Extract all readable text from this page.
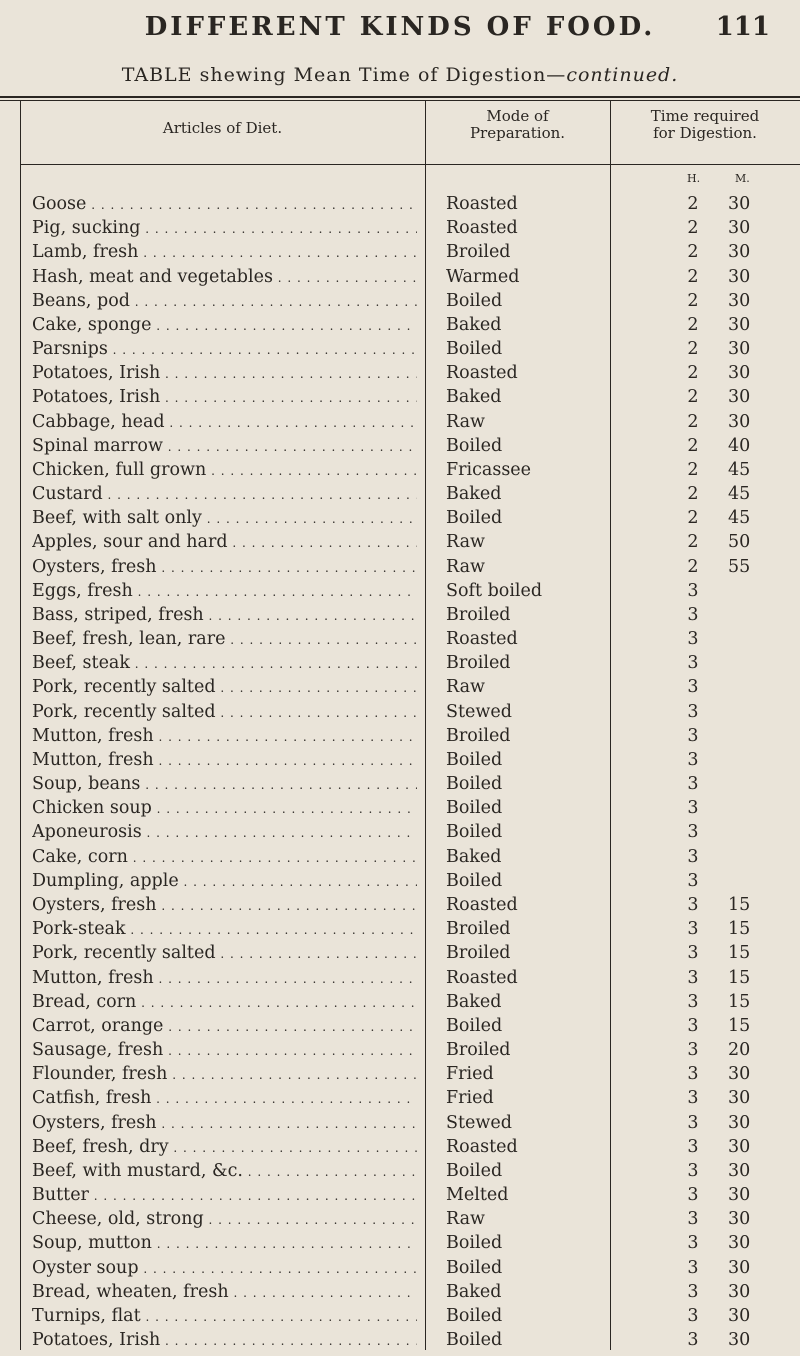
DIFFERENT KINDS OF FOOD.	111
TABLE shewing Mean Time of Digestion—continued.
Articles of Diet.
Mode of
Preparation.
Time required
for Digestion.
H.	M.
Goose . . .	Roasted	2 30
Pig, sucking . . .	Roasted	2 30
Lamb, fresh . . .	Broiled	2 30
Hash, meat and vegetables . . .	Warmed	2 30
Beans, pod . . .	Boiled	2 30
Cake, sponge . . .	Baked	2 30
Parsnips . . .	Boiled	2 30
Potatoes, Irish . . .	Roasted	2 30
Potatoes, Irish . . .	Baked	2 30
Cabbage, head . . .	Raw	2 30
Spinal marrow . . .	Boiled	2 40
Chicken, full grown . . .	Fricassee	2 45
Custard . . .	Baked	2 45
Beef, with salt only . . .	Boiled	2 45
Apples, sour and hard . . .	Raw	2 50
Oysters, fresh . . .	Raw	2 55
Eggs, fresh . . .	Soft boiled	3
Bass, striped, fresh . . .	Broiled	3
Beef, fresh, lean, rare . . .	Roasted	3
Beef, steak . . .	Broiled	3
Pork, recently salted . . .	Raw	3
Pork, recently salted . . .	Stewed	3
Mutton, fresh . . .	Broiled	3
Mutton, fresh . . .	Boiled	3
Soup, beans . . .	Boiled	3
Chicken soup . . .	Boiled	3
Aponeurosis . . .	Boiled	3
Cake, corn . . .	Baked	3
Dumpling, apple . . .	Boiled	3
Oysters, fresh . . .	Roasted	3 15
Pork-steak . . .	Broiled	3 15
Pork, recently salted . . .	Broiled	3 15
Mutton, fresh . . .	Roasted	3 15
Bread, corn . . .	Baked	3 15
Carrot, orange . . .	Boiled	3 15
Sausage, fresh . . .	Broiled	3 20
Flounder, fresh . . .	Fried	3 30
Catfish, fresh . . .	Fried	3 30
Oysters, fresh . . .	Stewed	3 30
Beef, fresh, dry . . .	Roasted	3 30
Beef, with mustard, &c. . . .	Boiled	3 30
Butter . . .	Melted	3 30
Cheese, old, strong . . .	Raw	3 30
Soup, mutton . . .	Boiled	3 30
Oyster soup . . .	Boiled	3 30
Bread, wheaten, fresh . . .	Baked	3 30
Turnips, flat . . .	Boiled	3 30
Potatoes, Irish . . .	Boiled	3 30
